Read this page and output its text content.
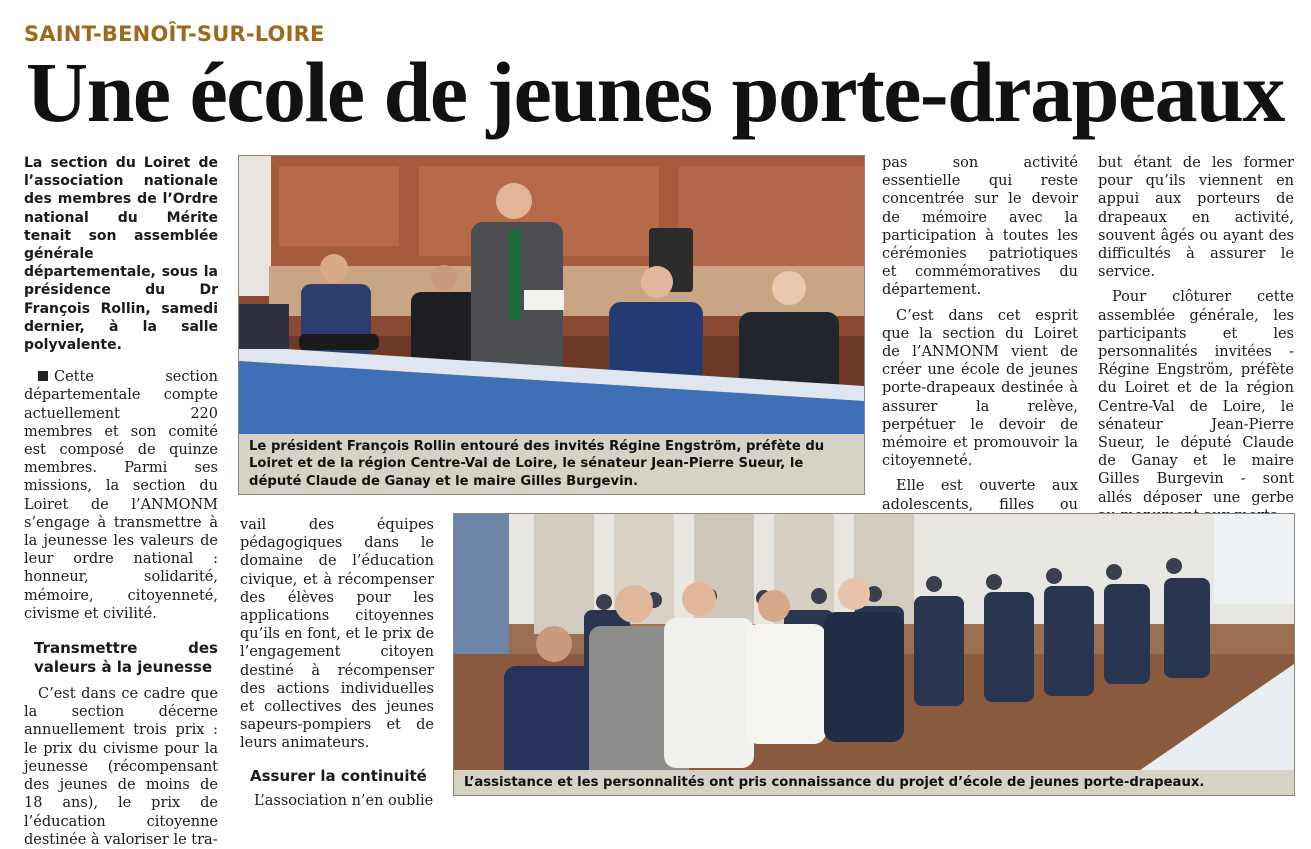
SAINT-BENOÎT-SUR-LOIRE
Une école de jeunes porte-drapeaux

La section du Loiret de l’association nationale des membres de l’Ordre national du Mérite tenait son assemblée générale départementale, sous la présidence du Dr François Rollin, samedi dernier, à la salle polyvalente.

Cette section départementale compte actuellement 220 membres et son comité est composé de quinze membres. Parmi ses missions, la section du Loiret de l’ANMONM s’engage à transmettre à la jeunesse les valeurs de leur ordre national : honneur, solidarité, mémoire, citoyenneté, civisme et civilité.

Transmettre des valeurs à la jeunesse

C’est dans ce cadre que la section décerne annuellement trois prix : le prix du civisme pour la jeunesse (récompensant des jeunes de moins de 18 ans), le prix de l’éducation citoyenne destinée à valoriser le tra-

Le président François Rollin entouré des invités Régine Engström, préfète du Loiret et de la région Centre-Val de Loire, le sénateur Jean-Pierre Sueur, le député Claude de Ganay et le maire Gilles Burgevin.

vail des équipes pédagogiques dans le domaine de l’éducation civique, et à récompenser des élèves pour les applications citoyennes qu’ils en font, et le prix de l’engagement citoyen destiné à récompenser des actions individuelles et collectives des jeunes sapeurs-pompiers et de leurs animateurs.

Assurer la continuité

L’association n’en oublie

pas son activité essentielle qui reste concentrée sur le devoir de mémoire avec la participation à toutes les cérémonies patriotiques et commémoratives du département.

C’est dans cet esprit que la section du Loiret de l’ANMONM vient de créer une école de jeunes porte-drapeaux destinée à assurer la relève, perpétuer le devoir de mémoire et promouvoir la citoyenneté.

Elle est ouverte aux adolescents, filles ou

but étant de les former pour qu’ils viennent en appui aux porteurs de drapeaux en activité, souvent âgés ou ayant des difficultés à assurer le service.

Pour clôturer cette assemblée générale, les participants et les personnalités invitées - Régine Engström, préfète du Loiret et de la région Centre-Val de Loire, le sénateur Jean-Pierre Sueur, le député Claude de Ganay et le maire Gilles Burgevin - sont allés déposer une gerbe

L’assistance et les personnalités ont pris connaissance du projet d’école de jeunes porte-drapeaux.
